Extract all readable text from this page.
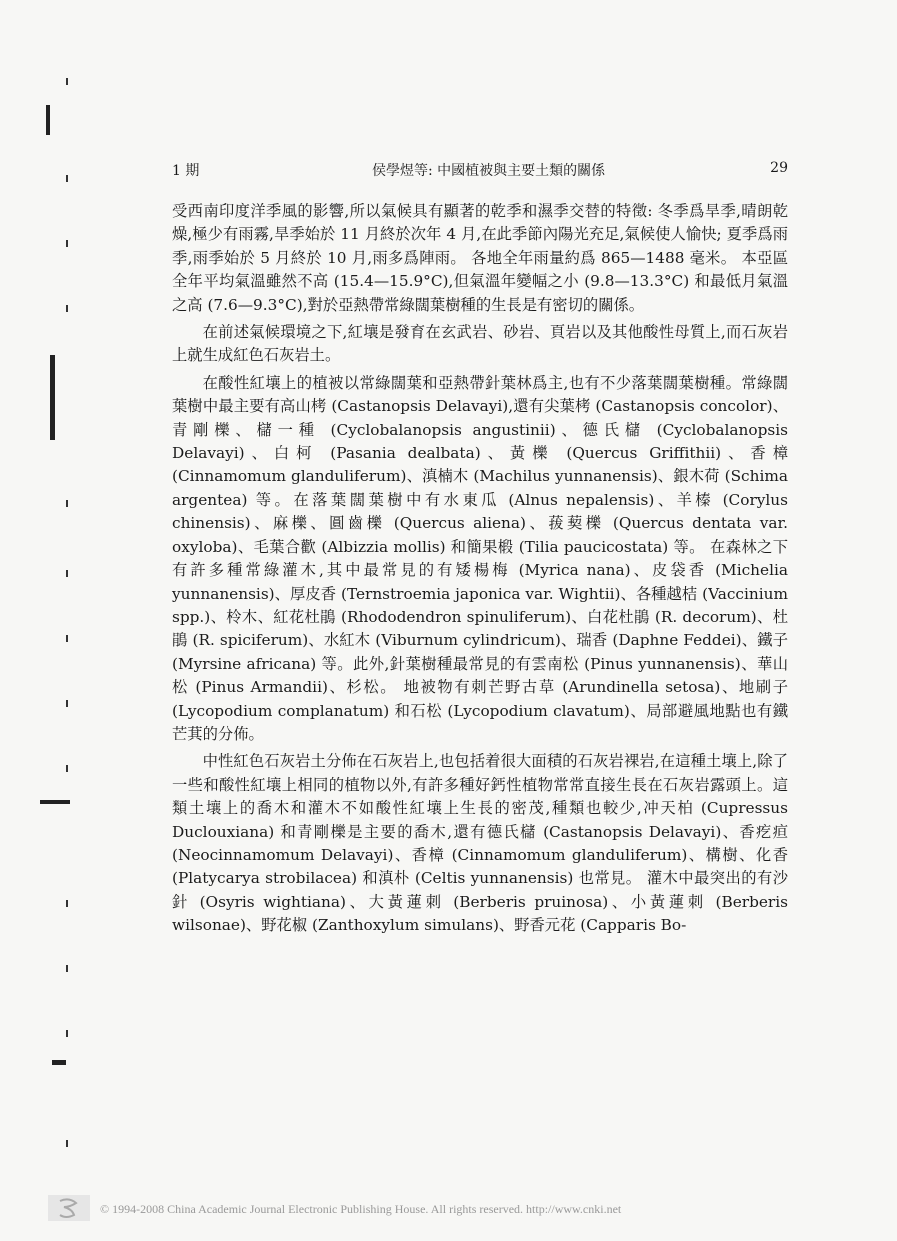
1 期	侯學煜等: 中國植被與主要土類的關係	29

受西南印度洋季風的影響,所以氣候具有顯著的乾季和濕季交替的特徵: 冬季爲旱季,晴朗乾燥,極少有雨霧,旱季始於 11 月終於次年 4 月,在此季節內陽光充足,氣候使人愉快; 夏季爲雨季,雨季始於 5 月終於 10 月,雨多爲陣雨。 各地全年雨量約爲 865—1488 毫米。 本亞區全年平均氣溫雖然不高 (15.4—15.9°C),但氣溫年變幅之小 (9.8—13.3°C) 和最低月氣溫之高 (7.6—9.3°C),對於亞熱帶常綠闊葉樹種的生長是有密切的關係。

在前述氣候環境之下,紅壤是發育在玄武岩、砂岩、頁岩以及其他酸性母質上,而石灰岩上就生成紅色石灰岩土。

在酸性紅壤上的植被以常綠闊葉和亞熱帶針葉林爲主,也有不少落葉闊葉樹種。常綠闊葉樹中最主要有高山栲 (Castanopsis Delavayi),還有尖葉栲 (Castanopsis concolor)、青剛櫟、櫧一種 (Cyclobalanopsis angustinii)、德氏櫧 (Cyclobalanopsis Delavayi)、白柯 (Pasania dealbata)、黃櫟 (Quercus Griffithii)、香樟 (Cinnamomum glanduliferum)、滇楠木 (Machilus yunnanensis)、銀木荷 (Schima argentea) 等。在落葉闊葉樹中有水東瓜 (Alnus nepalensis)、羊榛 (Corylus chinensis)、麻櫟、圓齒櫟 (Quercus aliena)、菝葜櫟 (Quercus dentata var. oxyloba)、毛葉合歡 (Albizzia mollis) 和簡果椴 (Tilia paucicostata) 等。 在森林之下有許多種常綠灌木,其中最常見的有矮楊梅 (Myrica nana)、皮袋香 (Michelia yunnanensis)、厚皮香 (Ternstroemia japonica var. Wightii)、各種越桔 (Vaccinium spp.)、柃木、紅花杜鵑 (Rhododendron spinuliferum)、白花杜鵑 (R. decorum)、杜鵑 (R. spiciferum)、水紅木 (Viburnum cylindricum)、瑞香 (Daphne Feddei)、鐵子 (Myrsine africana) 等。此外,針葉樹種最常見的有雲南松 (Pinus yunnanensis)、華山松 (Pinus Armandii)、杉松。 地被物有刺芒野古草 (Arundinella setosa)、地刷子 (Lycopodium complanatum) 和石松 (Lycopodium clavatum)、局部避風地點也有鐵芒萁的分佈。

中性紅色石灰岩土分佈在石灰岩上,也包括着很大面積的石灰岩裸岩,在這種土壤上,除了一些和酸性紅壤上相同的植物以外,有許多種好鈣性植物常常直接生長在石灰岩露頭上。這類土壤上的喬木和灌木不如酸性紅壤上生長的密茂,種類也較少,冲天柏 (Cupressus Duclouxiana) 和青剛櫟是主要的喬木,還有德氏櫧 (Castanopsis Delavayi)、香疙疸 (Neocinnamomum Delavayi)、香樟 (Cinnamomum glanduliferum)、構樹、化香 (Platycarya strobilacea) 和滇朴 (Celtis yunnanensis) 也常見。 灌木中最突出的有沙針 (Osyris wightiana)、大黃蓮刺 (Berberis pruinosa)、小黃蓮刺 (Berberis wilsonae)、野花椒 (Zanthoxylum simulans)、野香元花 (Capparis Bo-

© 1994-2008 China Academic Journal Electronic Publishing House. All rights reserved. http://www.cnki.net
